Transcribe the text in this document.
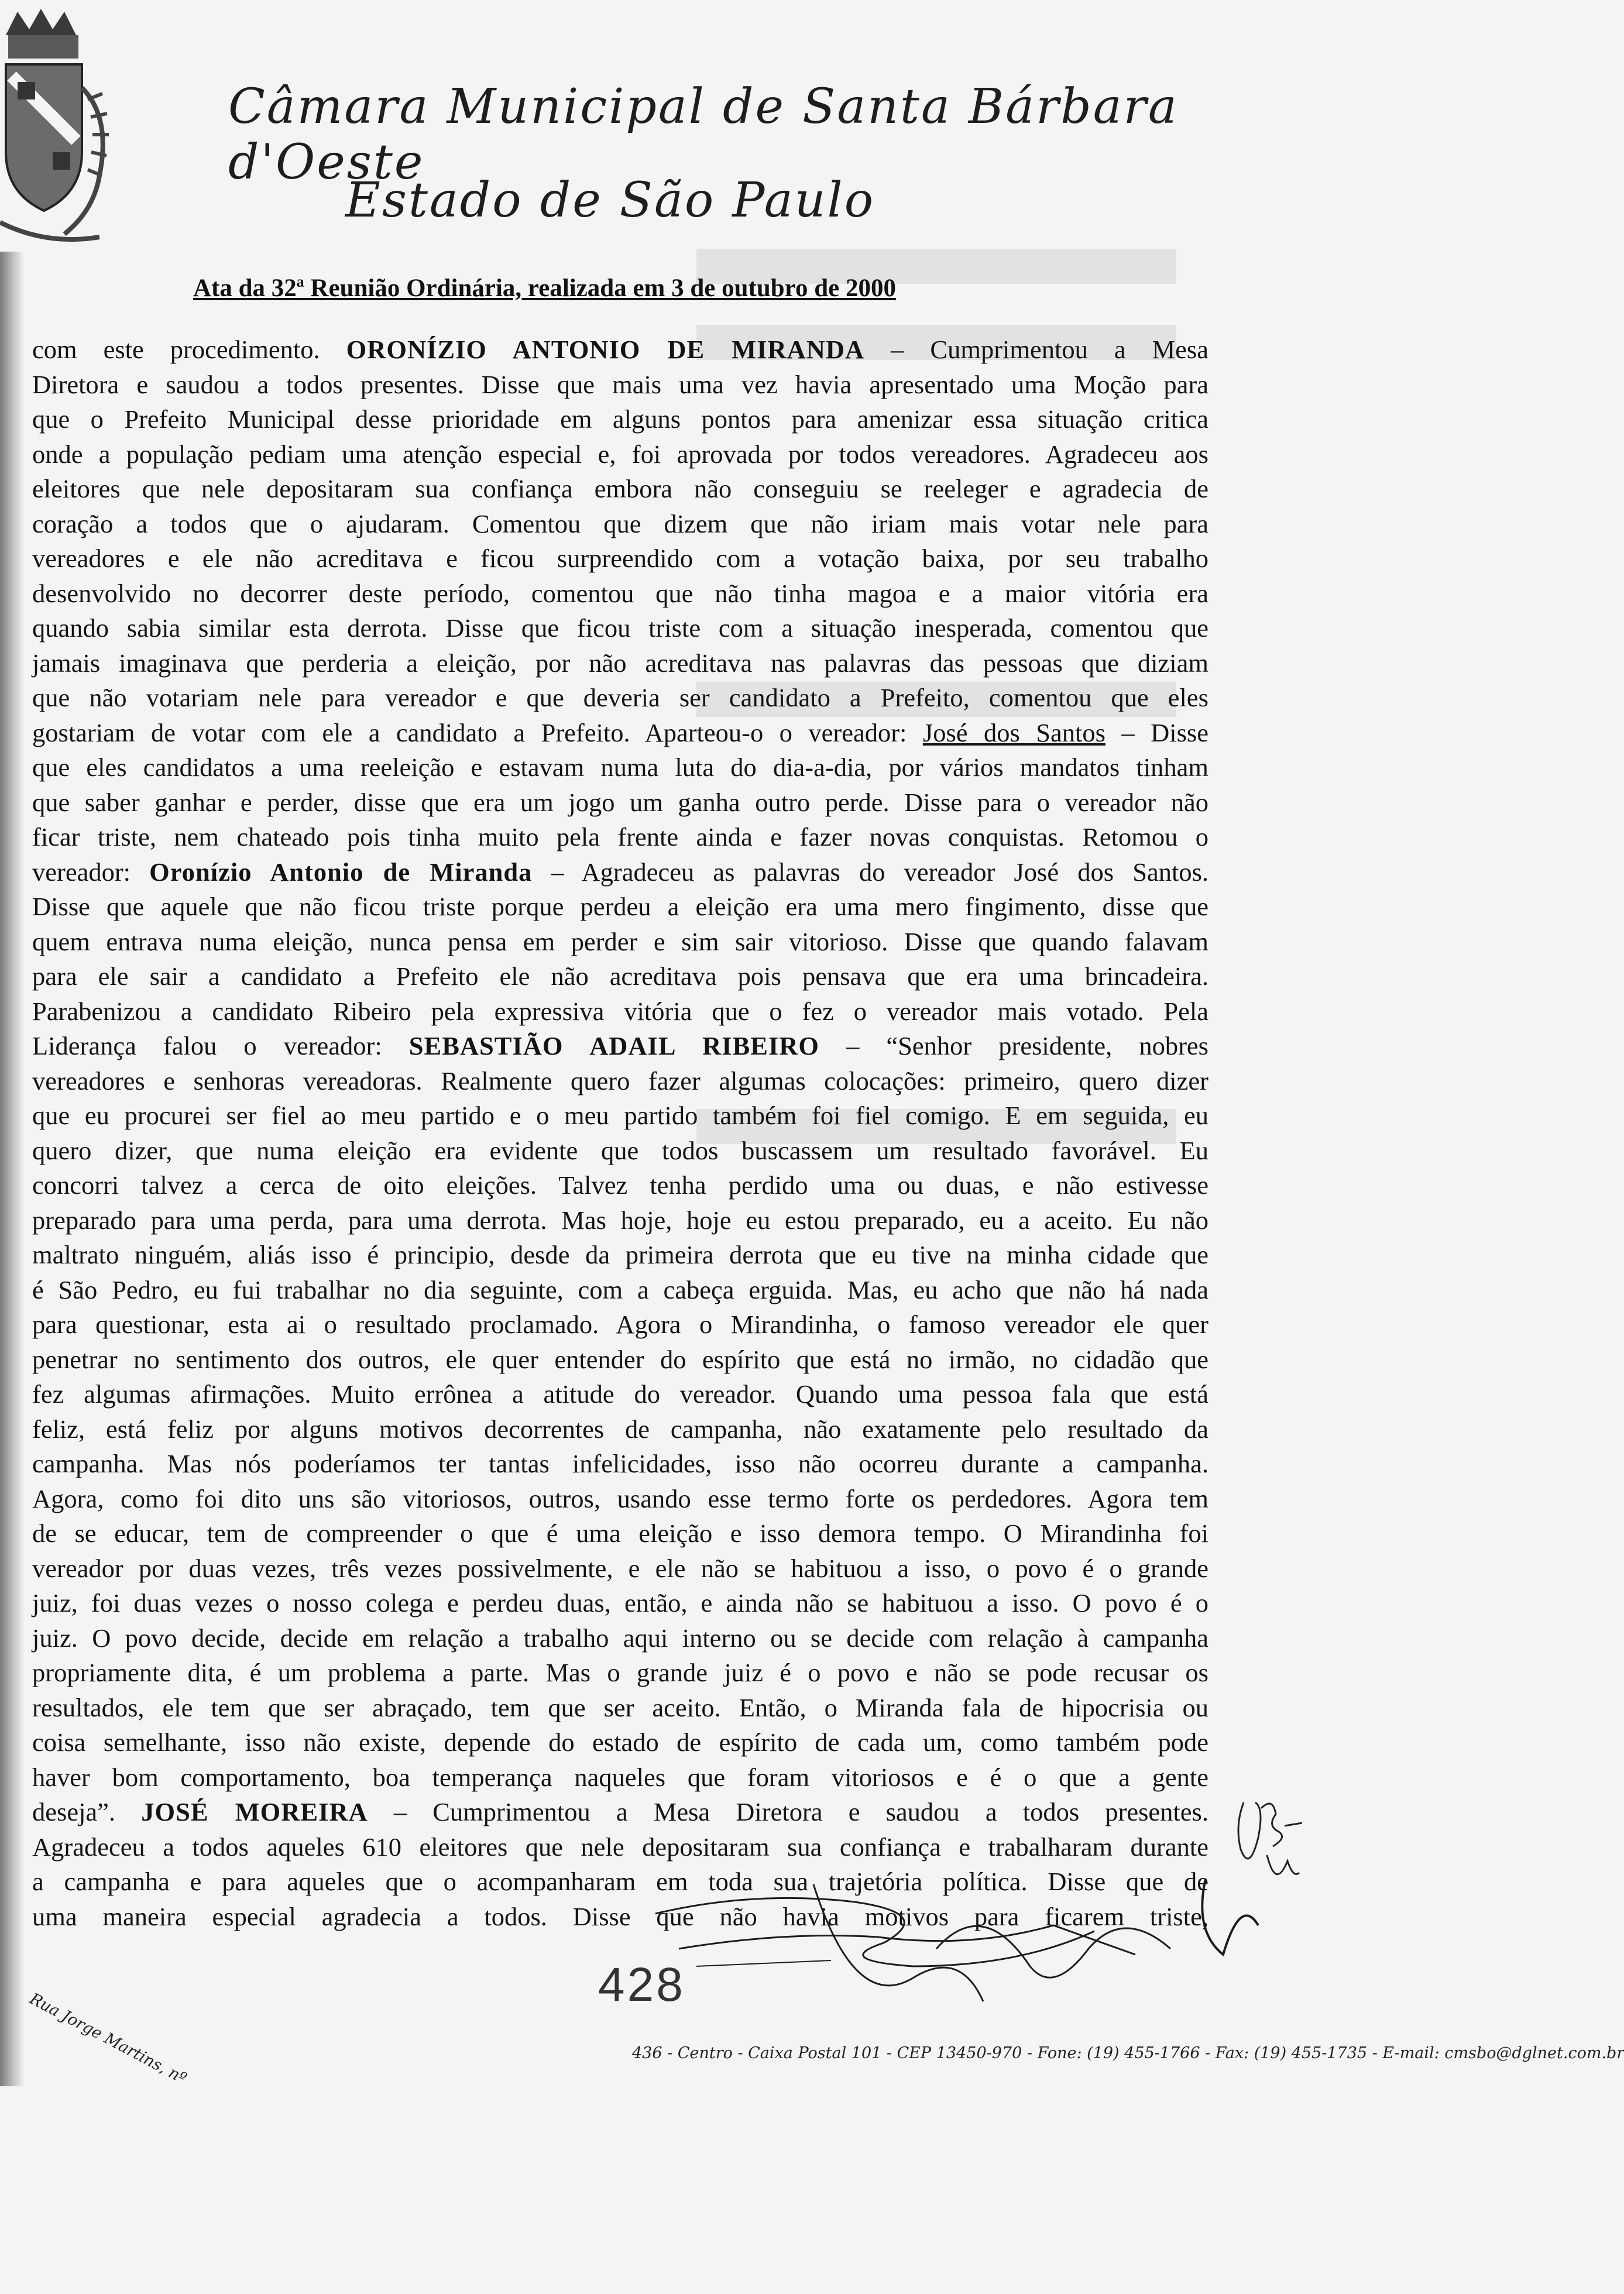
Câmara Municipal de Santa Bárbara d'Oeste
Estado de São Paulo
Ata da 32ª Reunião Ordinária, realizada em 3 de outubro de 2000
com este procedimento. ORONÍZIO ANTONIO DE MIRANDA – Cumprimentou a Mesa
Diretora e saudou a todos presentes. Disse que mais uma vez havia apresentado uma Moção para
que o Prefeito Municipal desse prioridade em alguns pontos para amenizar essa situação critica
onde a população pediam uma atenção especial e, foi aprovada por todos vereadores. Agradeceu aos
eleitores que nele depositaram sua confiança embora não conseguiu se reeleger e agradecia de
coração a todos que o ajudaram. Comentou que dizem que não iriam mais votar nele para
vereadores e ele não acreditava e ficou surpreendido com a votação baixa, por seu trabalho
desenvolvido no decorrer deste período, comentou que não tinha magoa e a maior vitória era
quando sabia similar esta derrota. Disse que ficou triste com a situação inesperada, comentou que
jamais imaginava que perderia a eleição, por não acreditava nas palavras das pessoas que diziam
que não votariam nele para vereador e que deveria ser candidato a Prefeito, comentou que eles
gostariam de votar com ele a candidato a Prefeito. Aparteou-o o vereador: José dos Santos – Disse
que eles candidatos a uma reeleição e estavam numa luta do dia-a-dia, por vários mandatos tinham
que saber ganhar e perder, disse que era um jogo um ganha outro perde. Disse para o vereador não
ficar triste, nem chateado pois tinha muito pela frente ainda e fazer novas conquistas. Retomou o
vereador: Oronízio Antonio de Miranda – Agradeceu as palavras do vereador José dos Santos.
Disse que aquele que não ficou triste porque perdeu a eleição era uma mero fingimento, disse que
quem entrava numa eleição, nunca pensa em perder e sim sair vitorioso. Disse que quando falavam
para ele sair a candidato a Prefeito ele não acreditava pois pensava que era uma brincadeira.
Parabenizou a candidato Ribeiro pela expressiva vitória que o fez o vereador mais votado. Pela
Liderança falou o vereador: SEBASTIÃO ADAIL RIBEIRO – “Senhor presidente, nobres
vereadores e senhoras vereadoras. Realmente quero fazer algumas colocações: primeiro, quero dizer
que eu procurei ser fiel ao meu partido e o meu partido também foi fiel comigo. E em seguida, eu
quero dizer, que numa eleição era evidente que todos buscassem um resultado favorável. Eu
concorri talvez a cerca de oito eleições. Talvez tenha perdido uma ou duas, e não estivesse
preparado para uma perda, para uma derrota. Mas hoje, hoje eu estou preparado, eu a aceito. Eu não
maltrato ninguém, aliás isso é principio, desde da primeira derrota que eu tive na minha cidade que
é São Pedro, eu fui trabalhar no dia seguinte, com a cabeça erguida. Mas, eu acho que não há nada
para questionar, esta ai o resultado proclamado. Agora o Mirandinha, o famoso vereador ele quer
penetrar no sentimento dos outros, ele quer entender do espírito que está no irmão, no cidadão que
fez algumas afirmações. Muito errônea a atitude do vereador. Quando uma pessoa fala que está
feliz, está feliz por alguns motivos decorrentes de campanha, não exatamente pelo resultado da
campanha. Mas nós poderíamos ter tantas infelicidades, isso não ocorreu durante a campanha.
Agora, como foi dito uns são vitoriosos, outros, usando esse termo forte os perdedores. Agora tem
de se educar, tem de compreender o que é uma eleição e isso demora tempo. O Mirandinha foi
vereador por duas vezes, três vezes possivelmente, e ele não se habituou a isso, o povo é o grande
juiz, foi duas vezes o nosso colega e perdeu duas, então, e ainda não se habituou a isso. O povo é o
juiz. O povo decide, decide em relação a trabalho aqui interno ou se decide com relação à campanha
propriamente dita, é um problema a parte. Mas o grande juiz é o povo e não se pode recusar os
resultados, ele tem que ser abraçado, tem que ser aceito. Então, o Miranda fala de hipocrisia ou
coisa semelhante, isso não existe, depende do estado de espírito de cada um, como também pode
haver bom comportamento, boa temperança naqueles que foram vitoriosos e é o que a gente
deseja”. JOSÉ MOREIRA – Cumprimentou a Mesa Diretora e saudou a todos presentes.
Agradeceu a todos aqueles 610 eleitores que nele depositaram sua confiança e trabalharam durante
a campanha e para aqueles que o acompanharam em toda sua trajetória política. Disse que de
uma maneira especial agradecia a todos. Disse que não havia motivos para ficarem triste,
428
Rua Jorge Martins, nº	436 - Centro - Caixa Postal 101 - CEP 13450-970 - Fone: (19) 455-1766 - Fax: (19) 455-1735 - E-mail: cmsbo@dglnet.com.br
